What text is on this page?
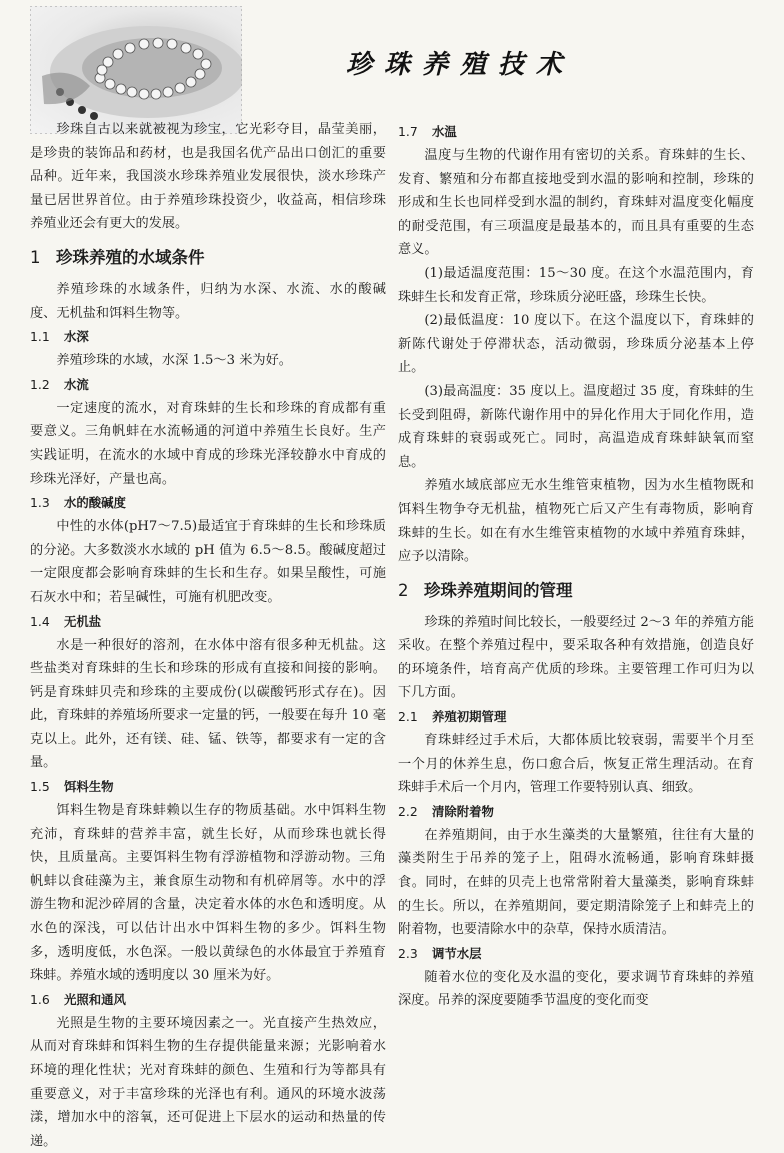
珍珠养殖技术

珍珠自古以来就被视为珍宝，它光彩夺目，晶莹美丽，是珍贵的装饰品和药材，也是我国名优产品出口创汇的重要品种。近年来，我国淡水珍珠养殖业发展很快，淡水珍珠产量已居世界首位。由于养殖珍珠投资少，收益高，相信珍珠养殖业还会有更大的发展。

1 珍珠养殖的水域条件

养殖珍珠的水域条件，归纳为水深、水流、水的酸碱度、无机盐和饵料生物等。

1.1 水深

养殖珍珠的水域，水深 1.5～3 米为好。

1.2 水流

一定速度的流水，对育珠蚌的生长和珍珠的育成都有重要意义。三角帆蚌在水流畅通的河道中养殖生长良好。生产实践证明，在流水的水域中育成的珍珠光泽较静水中育成的珍珠光泽好，产量也高。

1.3 水的酸碱度

中性的水体(pH7～7.5)最适宜于育珠蚌的生长和珍珠质的分泌。大多数淡水水域的 pH 值为 6.5～8.5。酸碱度超过一定限度都会影响育珠蚌的生长和生存。如果呈酸性，可施石灰水中和；若呈碱性，可施有机肥改变。

1.4 无机盐

水是一种很好的溶剂，在水体中溶有很多种无机盐。这些盐类对育珠蚌的生长和珍珠的形成有直接和间接的影响。钙是育珠蚌贝壳和珍珠的主要成份(以碳酸钙形式存在)。因此，育珠蚌的养殖场所要求一定量的钙，一般要在每升 10 毫克以上。此外，还有镁、硅、锰、铁等，都要求有一定的含量。

1.5 饵料生物

饵料生物是育珠蚌赖以生存的物质基础。水中饵料生物充沛，育珠蚌的营养丰富，就生长好，从而珍珠也就长得快，且质量高。主要饵料生物有浮游植物和浮游动物。三角帆蚌以食硅藻为主，兼食原生动物和有机碎屑等。水中的浮游生物和泥沙碎屑的含量，决定着水体的水色和透明度。从水色的深浅，可以估计出水中饵料生物的多少。饵料生物多，透明度低，水色深。一般以黄绿色的水体最宜于养殖育珠蚌。养殖水域的透明度以 30 厘米为好。

1.6 光照和通风

光照是生物的主要环境因素之一。光直接产生热效应，从而对育珠蚌和饵料生物的生存提供能量来源；光影响着水环境的理化性状；光对育珠蚌的颜色、生殖和行为等都具有重要意义，对于丰富珍珠的光泽也有利。通风的环境水波荡漾，增加水中的溶氧，还可促进上下层水的运动和热量的传递。

1.7 水温

温度与生物的代谢作用有密切的关系。育珠蚌的生长、发育、繁殖和分布都直接地受到水温的影响和控制，珍珠的形成和生长也同样受到水温的制约，育珠蚌对温度变化幅度的耐受范围，有三项温度是最基本的，而且具有重要的生态意义。

(1)最适温度范围：15～30 度。在这个水温范围内，育珠蚌生长和发育正常，珍珠质分泌旺盛，珍珠生长快。

(2)最低温度：10 度以下。在这个温度以下，育珠蚌的新陈代谢处于停滞状态，活动微弱，珍珠质分泌基本上停止。

(3)最高温度：35 度以上。温度超过 35 度，育珠蚌的生长受到阻碍，新陈代谢作用中的异化作用大于同化作用，造成育珠蚌的衰弱或死亡。同时，高温造成育珠蚌缺氧而窒息。

养殖水域底部应无水生维管束植物，因为水生植物既和饵料生物争夺无机盐，植物死亡后又产生有毒物质，影响育珠蚌的生长。如在有水生维管束植物的水域中养殖育珠蚌，应予以清除。

2 珍珠养殖期间的管理

珍珠的养殖时间比较长，一般要经过 2～3 年的养殖方能采收。在整个养殖过程中，要采取各种有效措施，创造良好的环境条件，培育高产优质的珍珠。主要管理工作可归为以下几方面。

2.1 养殖初期管理

育珠蚌经过手术后，大都体质比较衰弱，需要半个月至一个月的休养生息，伤口愈合后，恢复正常生理活动。在育珠蚌手术后一个月内，管理工作要特别认真、细致。

2.2 清除附着物

在养殖期间，由于水生藻类的大量繁殖，往往有大量的藻类附生于吊养的笼子上，阻碍水流畅通，影响育珠蚌摄食。同时，在蚌的贝壳上也常常附着大量藻类，影响育珠蚌的生长。所以，在养殖期间，要定期清除笼子上和蚌壳上的附着物，也要清除水中的杂草，保持水质清洁。

2.3 调节水层

随着水位的变化及水温的变化，要求调节育珠蚌的养殖深度。吊养的深度要随季节温度的变化而变
